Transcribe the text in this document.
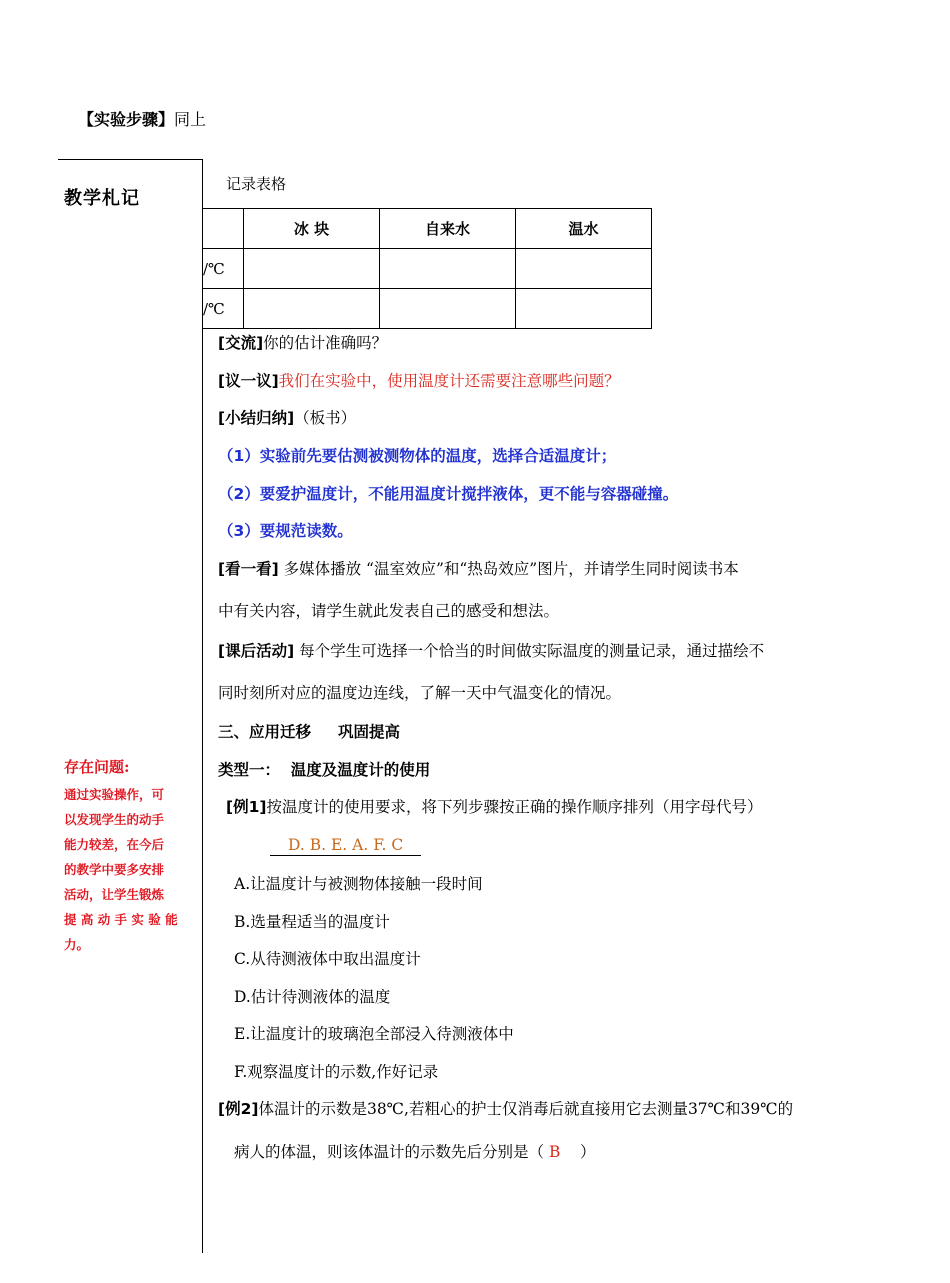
【实验步骤】同上
教学札记
记录表格
	冰 块	自来水	温水
/℃			
/℃			
[交流]你的估计准确吗？
[议一议]我们在实验中，使用温度计还需要注意哪些问题？
[小结归纳]（板书）
（1）实验前先要估测被测物体的温度，选择合适温度计；
（2）要爱护温度计，不能用温度计搅拌液体，更不能与容器碰撞。
（3）要规范读数。
[看一看] 多媒体播放 “温室效应”和“热岛效应”图片，并请学生同时阅读书本
中有关内容，请学生就此发表自己的感受和想法。
[课后活动] 每个学生可选择一个恰当的时间做实际温度的测量记录，通过描绘不
同时刻所对应的温度边连线，了解一天中气温变化的情况。
三、应用迁移     巩固提高
类型一：  温度及温度计的使用
存在问题:
通过实验操作，可
以发现学生的动手
能力较差，在今后
的教学中要多安排
活动，让学生锻炼
提 高 动 手 实 验 能
力。
[例1]按温度计的使用要求，将下列步骤按正确的操作顺序排列（用字母代号）
D. B. E. A. F. C
A.让温度计与被测物体接触一段时间
B.选量程适当的温度计
C.从待测液体中取出温度计
D.估计待测液体的温度
E.让温度计的玻璃泡全部浸入待测液体中
F.观察温度计的示数,作好记录
[例2]体温计的示数是38℃,若粗心的护士仅消毒后就直接用它去测量37℃和39℃的
病人的体温，则该体温计的示数先后分别是（ B    ）
